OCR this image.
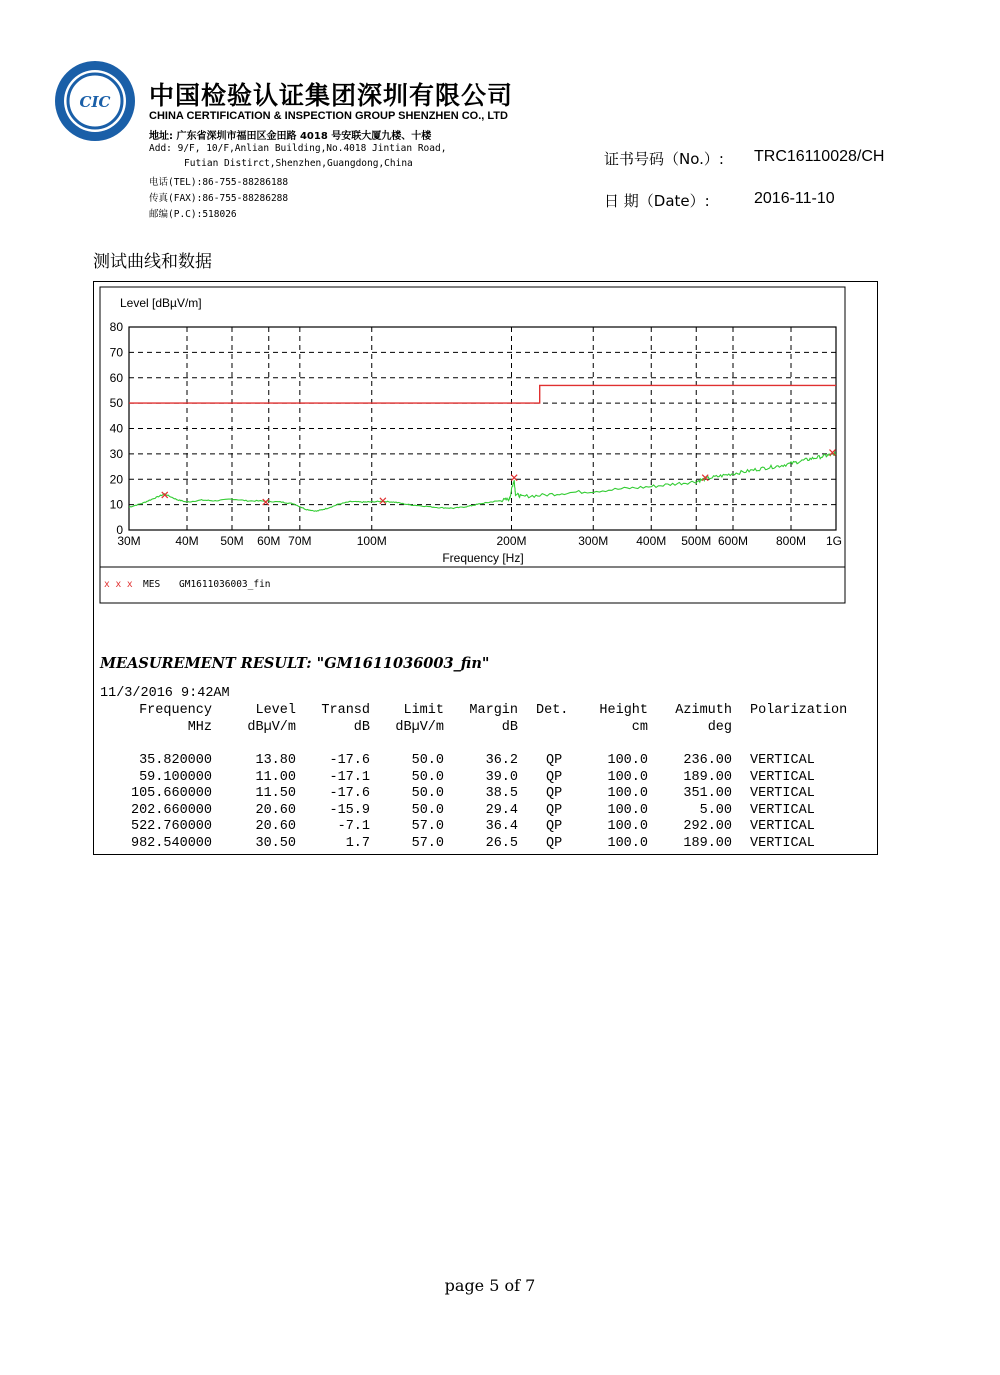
CIC 中国检验认证集团深圳有限公司
CHINA CERTIFICATION & INSPECTION GROUP SHENZHEN CO., LTD
地址: 广东省深圳市福田区金田路 4018 号安联大厦九楼、十楼
Add: 9/F, 10/F,Anlian Building,No.4018 Jintian Road,
Futian Distirct,Shenzhen,Guangdong,China
电话(TEL):86-755-88286188
传真(FAX):86-755-88286288
邮编(P.C):518026
证书号码（No.）: TRC16110028/CH
日 期（Date）:	2016-11-10
测试曲线和数据
Level [dBµV/m]
Frequency [Hz]
0
10
20
30
40
50
60
70
80
30M	40M 50M 60M 70M	100M	200M	300M 400M 500M 600M 800M 1G
x x x MES GM1611036003_fin
MEASUREMENT RESULT: "GM1611036003_fin"
11/3/2016 9:42AM
Frequency	Level	Transd	Limit	Margin Det.	Height	Azimuth Polarization
MHz	dBµV/m	dB	dBµV/m	dB	cm	deg
35.820000	13.80	-17.6	50.0	36.2 QP	100.0	236.00 VERTICAL
59.100000	11.00	-17.1	50.0	39.0 QP	100.0	189.00 VERTICAL
105.660000	11.50	-17.6	50.0	38.5 QP	100.0	351.00 VERTICAL
202.660000	20.60	-15.9	50.0	29.4 QP	100.0	5.00 VERTICAL
522.760000	20.60	-7.1	57.0	36.4 QP	100.0	292.00 VERTICAL
982.540000	30.50	1.7	57.0	26.5 QP	100.0	189.00 VERTICAL
page 5 of 7
